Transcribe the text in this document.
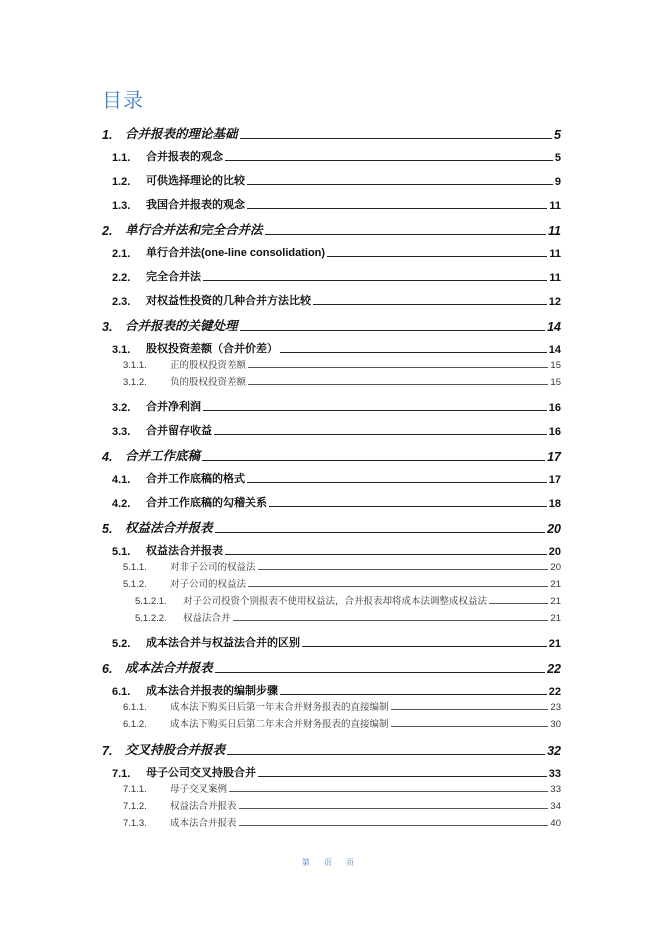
目录
1.	合并报表的理论基础	5
1.1.	合并报表的观念	5
1.2.	可供选择理论的比较	9
1.3.	我国合并报表的观念	11
2.	单行合并法和完全合并法	11
2.1.	单行合并法(one-line consolidation)	11
2.2.	完全合并法	11
2.3.	对权益性投资的几种合并方法比较	12
3.	合并报表的关键处理	14
3.1.	股权投资差额（合并价差）	14
3.1.1.	正的股权投资差额	15
3.1.2.	负的股权投资差额	15
3.2.	合并净利润	16
3.3.	合并留存收益	16
4.	合并工作底稿	17
4.1.	合并工作底稿的格式	17
4.2.	合并工作底稿的勾稽关系	18
5.	权益法合并报表	20
5.1.	权益法合并报表	20
5.1.1.	对非子公司的权益法	20
5.1.2.	对子公司的权益法	21
5.1.2.1.	对子公司投资个别报表不使用权益法，合并报表却将成本法调整成权益法	21
5.1.2.2.	权益法合并	21
5.2.	成本法合并与权益法合并的区别	21
6.	成本法合并报表	22
6.1.	成本法合并报表的编制步骤	22
6.1.1.	成本法下购买日后第一年末合并财务报表的直接编制	23
6.1.2.	成本法下购买日后第二年末合并财务报表的直接编制	30
7.	交叉持股合并报表	32
7.1.	母子公司交叉持股合并	33
7.1.1.	母子交叉案例	33
7.1.2.	权益法合并报表	34
7.1.3.	成本法合并报表	40
第 页 页
